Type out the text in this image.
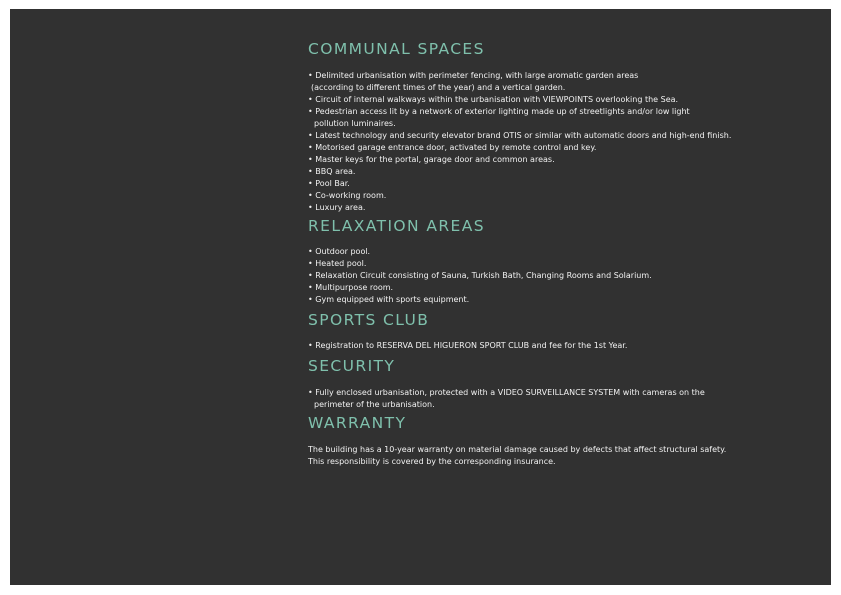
COMMUNAL SPACES
• Delimited urbanisation with perimeter fencing, with large aromatic garden areas
(according to different times of the year) and a vertical garden.
• Circuit of internal walkways within the urbanisation with VIEWPOINTS overlooking the Sea.
• Pedestrian access lit by a network of exterior lighting made up of streetlights and/or low light
pollution luminaires.
• Latest technology and security elevator brand OTIS or similar with automatic doors and high-end finish.
• Motorised garage entrance door, activated by remote control and key.
• Master keys for the portal, garage door and common areas.
• BBQ area.
• Pool Bar.
• Co-working room.
• Luxury area.
RELAXATION AREAS
• Outdoor pool.
• Heated pool.
• Relaxation Circuit consisting of Sauna, Turkish Bath, Changing Rooms and Solarium.
• Multipurpose room.
• Gym equipped with sports equipment.
SPORTS CLUB
• Registration to RESERVA DEL HIGUERON SPORT CLUB and fee for the 1st Year.
SECURITY
• Fully enclosed urbanisation, protected with a VIDEO SURVEILLANCE SYSTEM with cameras on the
perimeter of the urbanisation.
WARRANTY

The building has a 10-year warranty on material damage caused by defects that affect structural safety.

This responsibility is covered by the corresponding insurance.
